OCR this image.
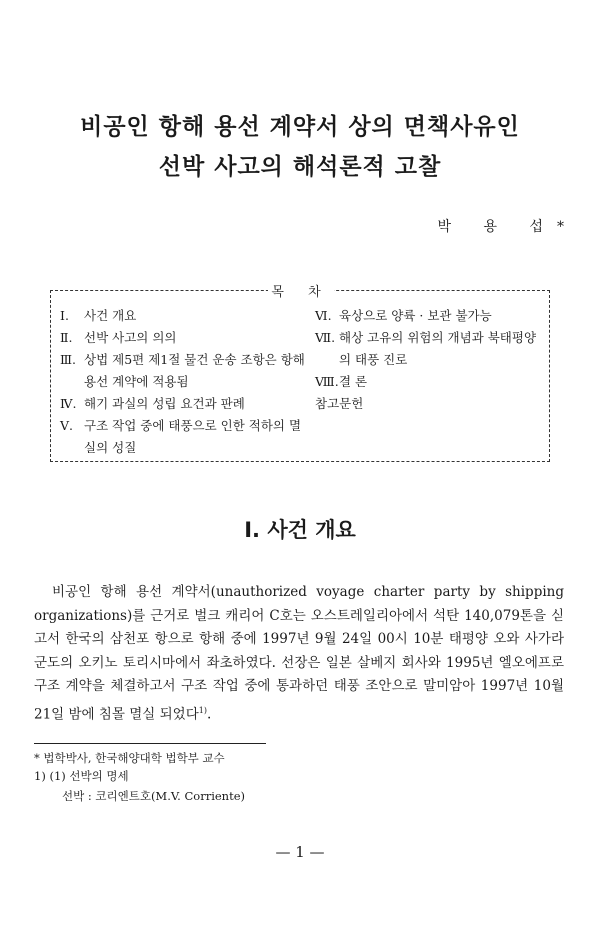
비공인 항해 용선 계약서 상의 면책사유인
선박 사고의 해석론적 고찰
박 용 섭*
목 차
Ⅰ. 사건 개요
Ⅱ. 선박 사고의 의의
Ⅲ. 상법 제5편 제1절 물건 운송 조항은 항해 용선 계약에 적용됨
Ⅳ. 해기 과실의 성립 요건과 판례
Ⅴ. 구조 작업 중에 태풍으로 인한 적하의 멸실의 성질
Ⅵ. 육상으로 양륙 · 보관 불가능
Ⅶ. 해상 고유의 위험의 개념과 북태평양의 태풍 진로
Ⅷ.결 론
참고문헌
Ⅰ. 사건 개요

비공인 항해 용선 계약서(unauthorized voyage charter party by shipping organizations)를 근거로 벌크 캐리어 C호는 오스트레일리아에서 석탄 140,079톤을 싣고서 한국의 삼천포 항으로 항해 중에 1997년 9월 24일 00시 10분 태평양 오와 사가라 군도의 오키노 토리시마에서 좌초하였다. 선장은 일본 살베지 회사와 1995년 엘오에프로 구조 계약을 체결하고서 구조 작업 중에 통과하던 태풍 조안으로 말미암아 1997년 10월 21일 밤에 침몰 멸실 되었다$^{1)}$.

* 법학박사, 한국해양대학 법학부 교수
1) (1) 선박의 명세
선박 : 코리엔트호(M.V. Corriente)
— 1 —
